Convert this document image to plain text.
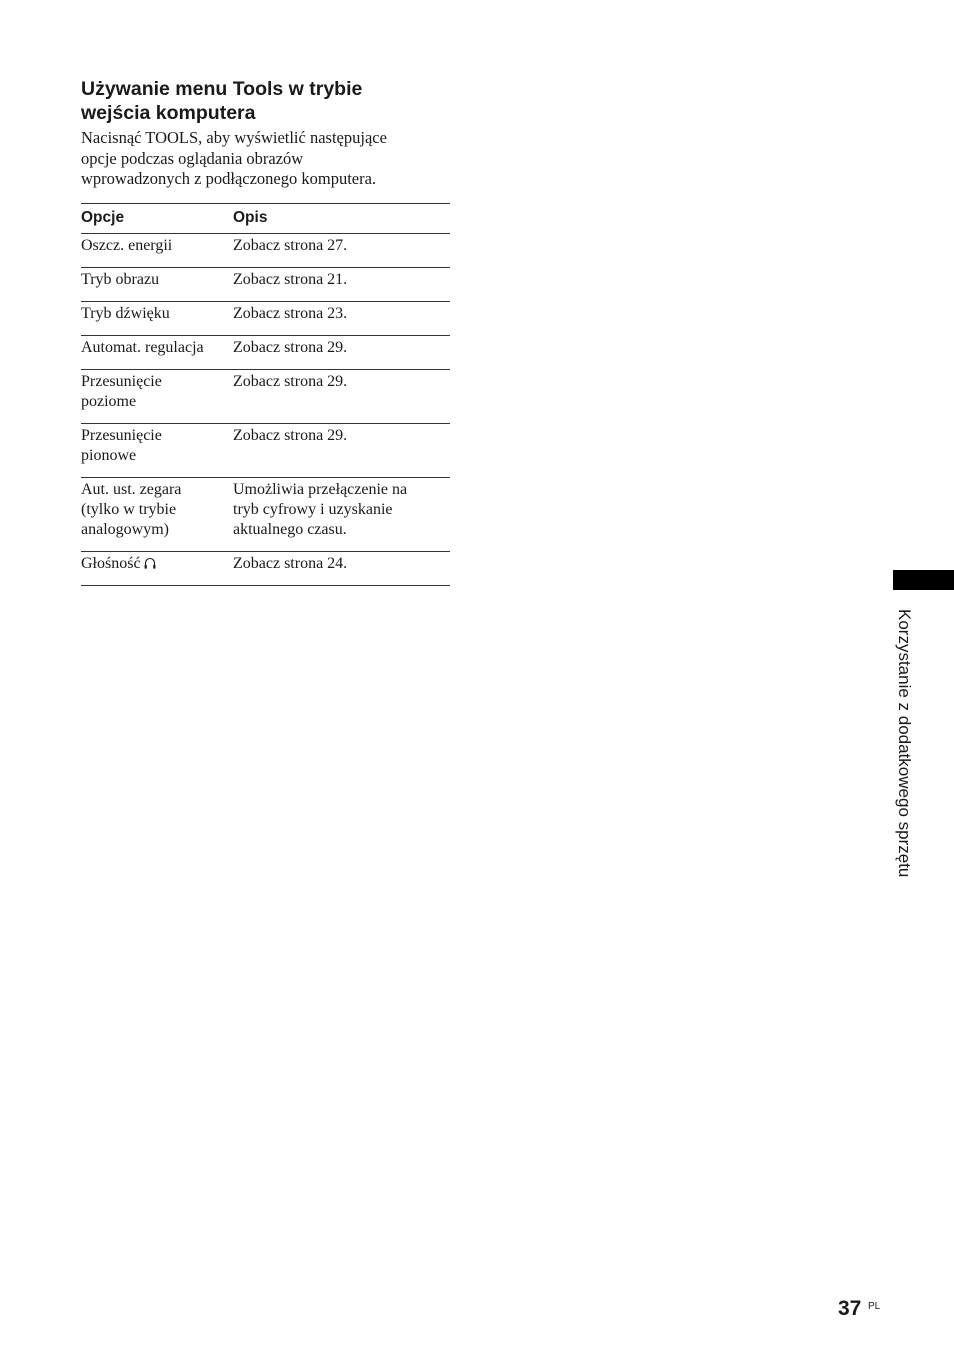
Używanie menu Tools w trybie
wejścia komputera

Nacisnąć TOOLS, aby wyświetlić następujące
opcje podczas oglądania obrazów
wprowadzonych z podłączonego komputera.

Opcje	Opis
Oszcz. energii	Zobacz strona 27.
Tryb obrazu	Zobacz strona 21.
Tryb dźwięku	Zobacz strona 23.
Automat. regulacja	Zobacz strona 29.
Przesunięcie
poziome	Zobacz strona 29.
Przesunięcie
pionowe	Zobacz strona 29.
Aut. ust. zegara
(tylko w trybie
analogowym)	Umożliwia przełączenie na
tryb cyfrowy i uzyskanie
aktualnego czasu.
Głośność	Zobacz strona 24.
Korzystanie z dodatkowego sprzętu
37 PL
